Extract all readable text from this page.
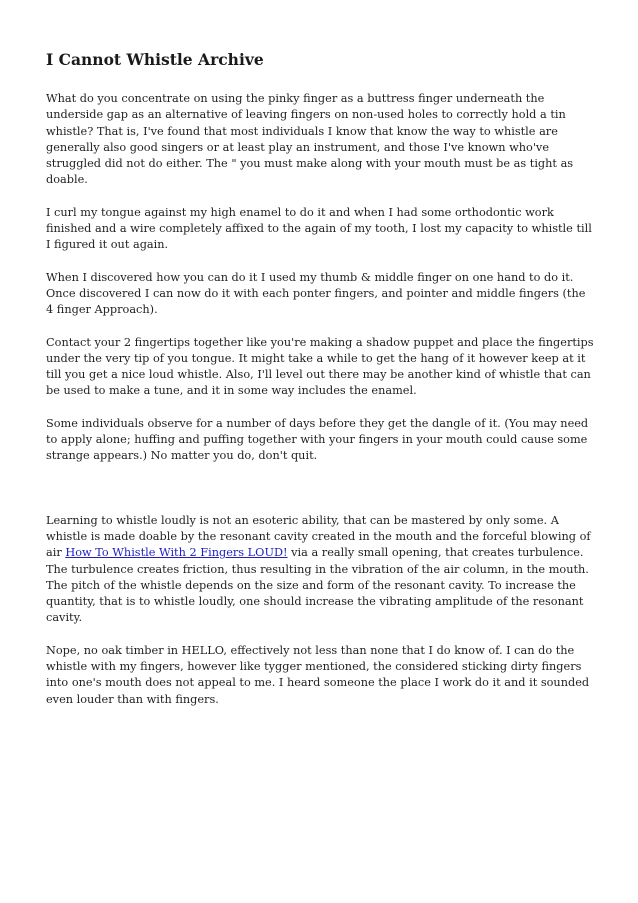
I Cannot Whistle Archive

What do you concentrate on using the pinky finger as a buttress finger underneath the underside gap as an alternative of leaving fingers on non-used holes to correctly hold a tin whistle? That is, I've found that most individuals I know that know the way to whistle are generally also good singers or at least play an instrument, and those I've known who've struggled did not do either. The " you must make along with your mouth must be as tight as doable.

I curl my tongue against my high enamel to do it and when I had some orthodontic work finished and a wire completely affixed to the again of my tooth, I lost my capacity to whistle till I figured it out again.

When I discovered how you can do it I used my thumb & middle finger on one hand to do it. Once discovered I can now do it with each ponter fingers, and pointer and middle fingers (the 4 finger Approach).

Contact your 2 fingertips together like you're making a shadow puppet and place the fingertips under the very tip of you tongue. It might take a while to get the hang of it however keep at it till you get a nice loud whistle. Also, I'll level out there may be another kind of whistle that can be used to make a tune, and it in some way includes the enamel.

Some individuals observe for a number of days before they get the dangle of it. (You may need to apply alone; huffing and puffing together with your fingers in your mouth could cause some strange appears.) No matter you do, don't quit.

Learning to whistle loudly is not an esoteric ability, that can be mastered by only some. A whistle is made doable by the resonant cavity created in the mouth and the forceful blowing of air How To Whistle With 2 Fingers LOUD! via a really small opening, that creates turbulence. The turbulence creates friction, thus resulting in the vibration of the air column, in the mouth. The pitch of the whistle depends on the size and form of the resonant cavity. To increase the quantity, that is to whistle loudly, one should increase the vibrating amplitude of the resonant cavity.

Nope, no oak timber in HELLO, effectively not less than none that I do know of. I can do the whistle with my fingers, however like tygger mentioned, the considered sticking dirty fingers into one's mouth does not appeal to me. I heard someone the place I work do it and it sounded even louder than with fingers.
